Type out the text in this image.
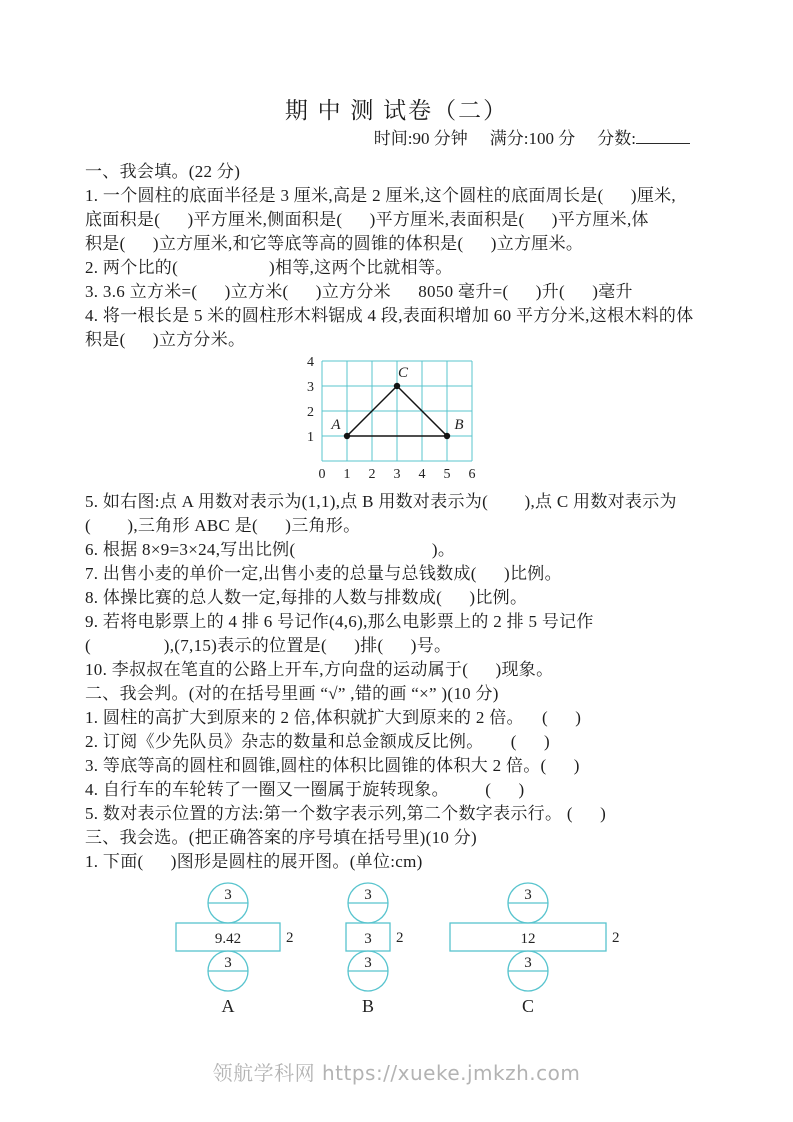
期 中 测 试卷（二）
时间:90 分钟 满分:100 分 分数:
一、我会填。(22 分)
1. 一个圆柱的底面半径是 3 厘米,高是 2 厘米,这个圆柱的底面周长是(      )厘米,
底面积是(      )平方厘米,侧面积是(      )平方厘米,表面积是(      )平方厘米,体
积是(      )立方厘米,和它等底等高的圆锥的体积是(      )立方厘米。
2. 两个比的(                    )相等,这两个比就相等。
3. 3.6 立方米=(      )立方米(      )立方分米      8050 毫升=(      )升(      )毫升
4. 将一根长是 5 米的圆柱形木料锯成 4 段,表面积增加 60 平方分米,这根木料的体
积是(      )立方分米。
4
3
2
1
0 1 2 3 4 5 6
A	B
C
5. 如右图:点 A 用数对表示为(1,1),点 B 用数对表示为(        ),点 C 用数对表示为
(        ),三角形 ABC 是(      )三角形。
6. 根据 8×9=3×24,写出比例(                              )。
7. 出售小麦的单价一定,出售小麦的总量与总钱数成(      )比例。
8. 体操比赛的总人数一定,每排的人数与排数成(      )比例。
9. 若将电影票上的 4 排 6 号记作(4,6),那么电影票上的 2 排 5 号记作
(                ),(7,15)表示的位置是(      )排(      )号。
10. 李叔叔在笔直的公路上开车,方向盘的运动属于(      )现象。
二、我会判。(对的在括号里画 “√” ,错的画 “×” )(10 分)
1. 圆柱的高扩大到原来的 2 倍,体积就扩大到原来的 2 倍。    (      )
2. 订阅《少先队员》杂志的数量和总金额成反比例。      (      )
3. 等底等高的圆柱和圆锥,圆柱的体积比圆锥的体积大 2 倍。(      )
4. 自行车的车轮转了一圈又一圈属于旋转现象。        (      )
5. 数对表示位置的方法:第一个数字表示列,第二个数字表示行。 (      )
三、我会选。(把正确答案的序号填在括号里)(10 分)
1. 下面(      )图形是圆柱的展开图。(单位:cm)
3
9.42	2
3
A
3
3 2
3
B
3
12	2
3
C
领航学科网 https://xueke.jmkzh.com
